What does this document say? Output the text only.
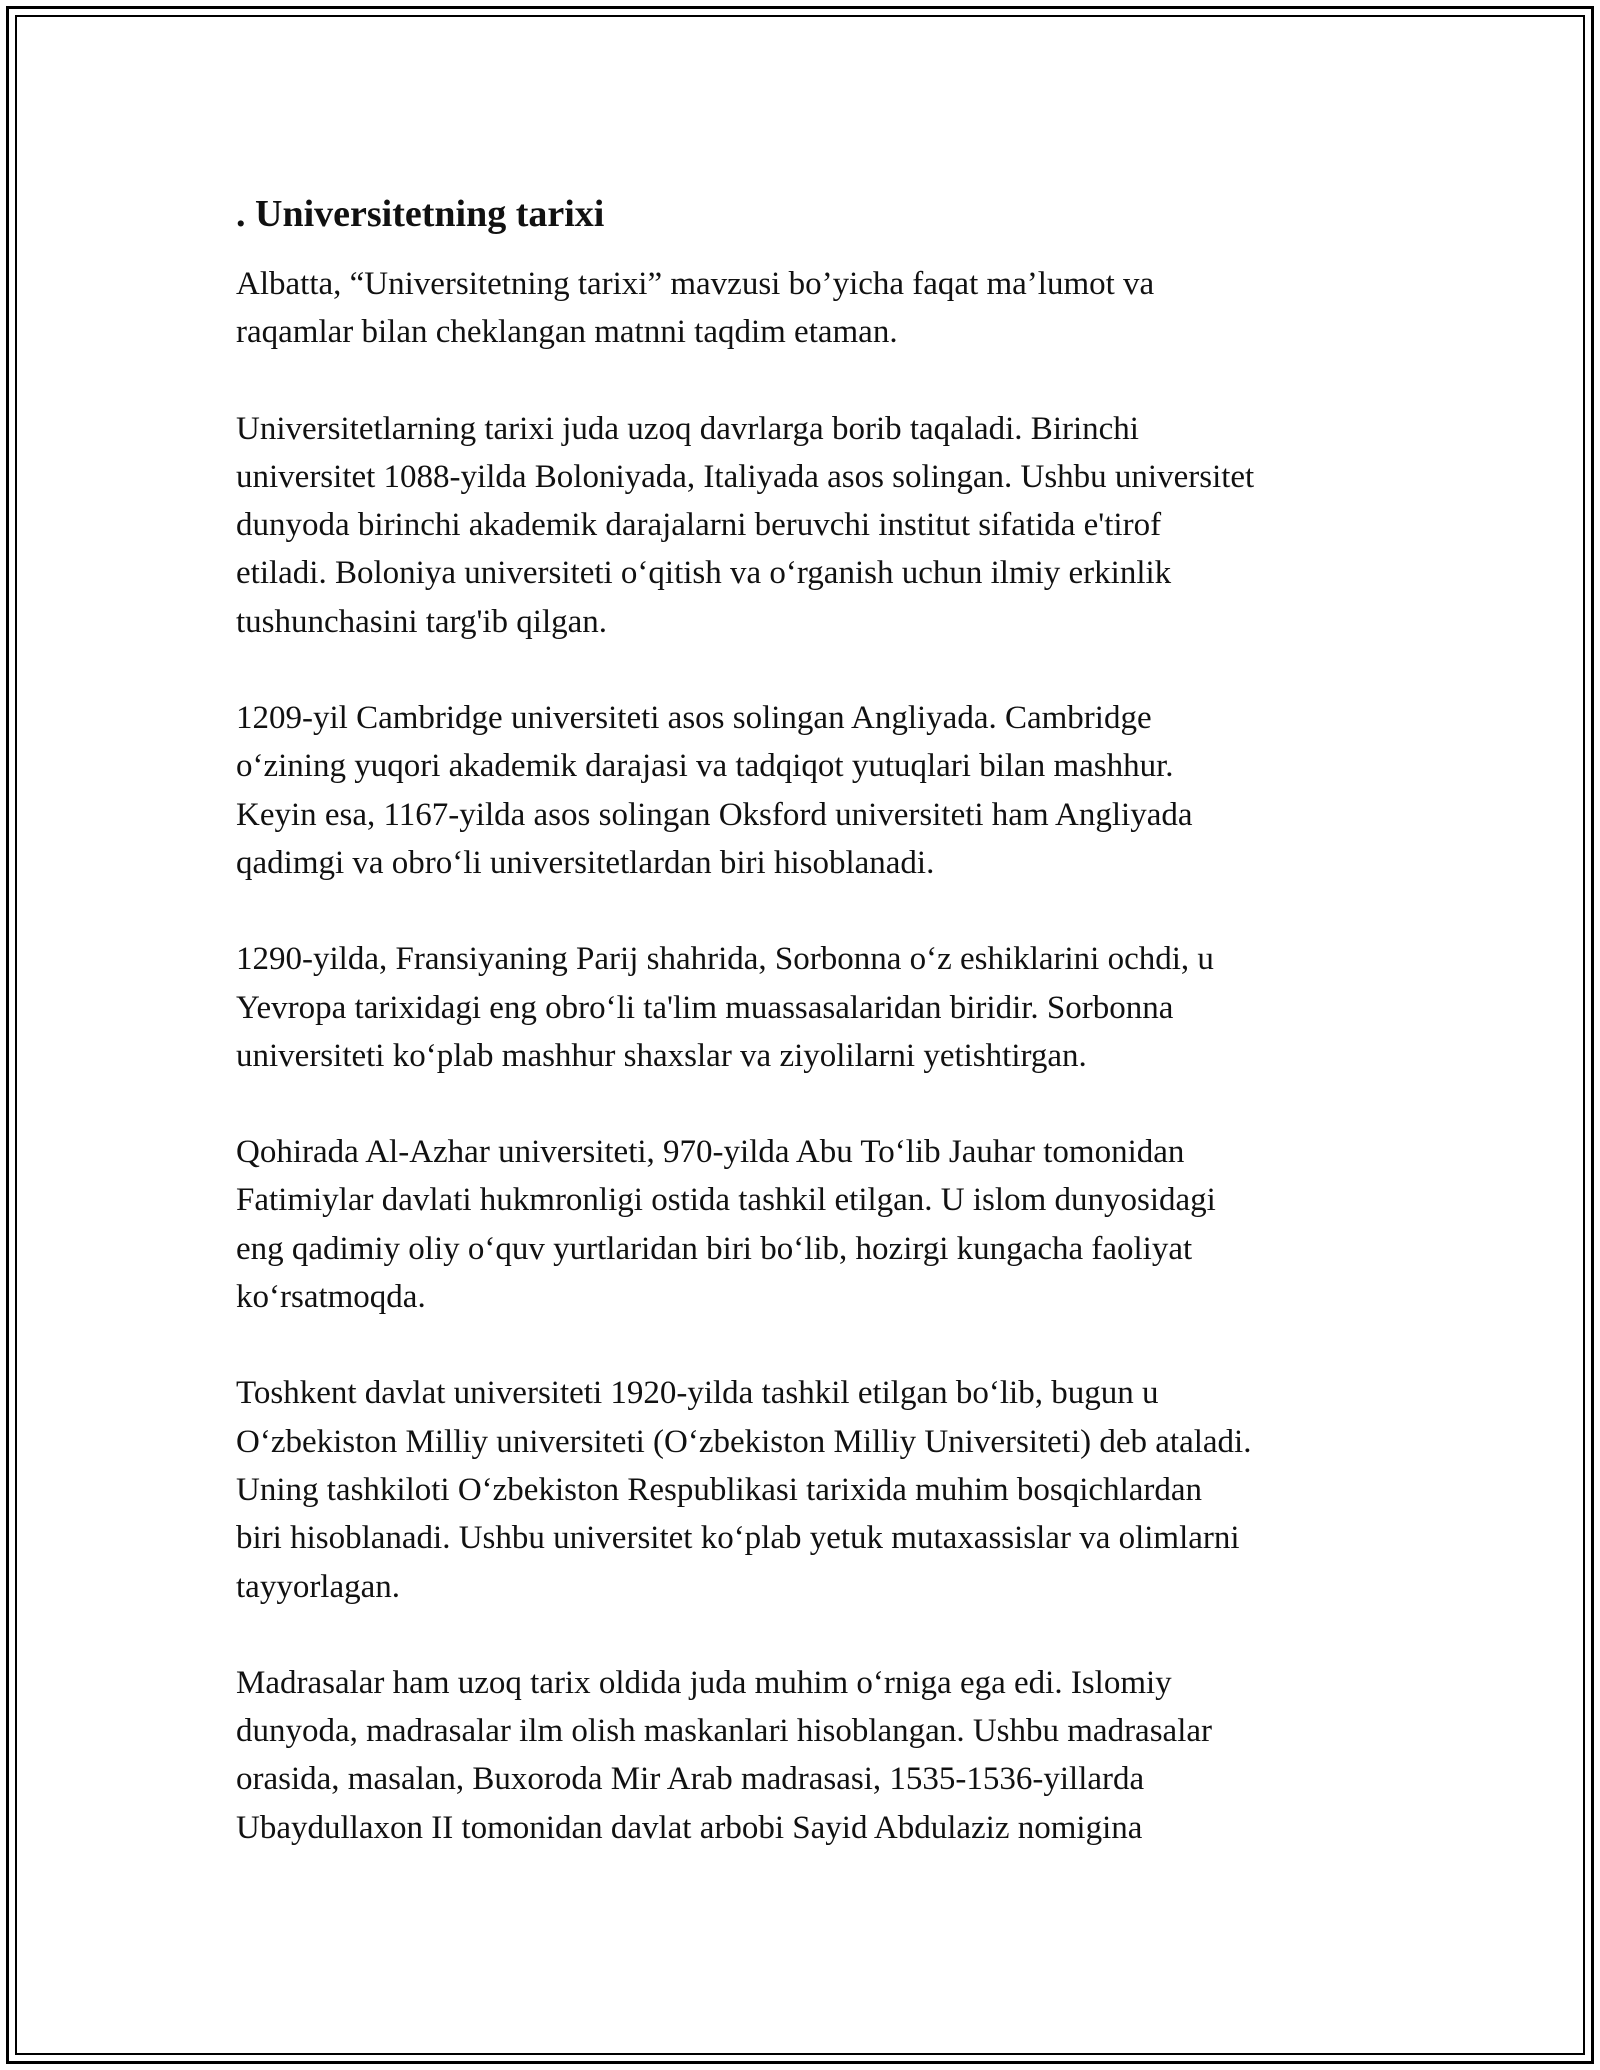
. Universitetning tarixi

Albatta, “Universitetning tarixi” mavzusi bo’yicha faqat ma’lumot va
raqamlar bilan cheklangan matnni taqdim etaman.

Universitetlarning tarixi juda uzoq davrlarga borib taqaladi. Birinchi
universitet 1088-yilda Boloniyada, Italiyada asos solingan. Ushbu universitet
dunyoda birinchi akademik darajalarni beruvchi institut sifatida e'tirof
etiladi. Boloniya universiteti oʻqitish va oʻrganish uchun ilmiy erkinlik
tushunchasini targ'ib qilgan.

1209-yil Cambridge universiteti asos solingan Angliyada. Cambridge
oʻzining yuqori akademik darajasi va tadqiqot yutuqlari bilan mashhur.
Keyin esa, 1167-yilda asos solingan Oksford universiteti ham Angliyada
qadimgi va obroʻli universitetlardan biri hisoblanadi.

1290-yilda, Fransiyaning Parij shahrida, Sorbonna oʻz eshiklarini ochdi, u
Yevropa tarixidagi eng obroʻli ta'lim muassasalaridan biridir. Sorbonna
universiteti koʻplab mashhur shaxslar va ziyolilarni yetishtirgan.

Qohirada Al-Azhar universiteti, 970-yilda Abu Toʻlib Jauhar tomonidan
Fatimiylar davlati hukmronligi ostida tashkil etilgan. U islom dunyosidagi
eng qadimiy oliy oʻquv yurtlaridan biri boʻlib, hozirgi kungacha faoliyat
koʻrsatmoqda.

Toshkent davlat universiteti 1920-yilda tashkil etilgan boʻlib, bugun u
Oʻzbekiston Milliy universiteti (Oʻzbekiston Milliy Universiteti) deb ataladi.
Uning tashkiloti Oʻzbekiston Respublikasi tarixida muhim bosqichlardan
biri hisoblanadi. Ushbu universitet koʻplab yetuk mutaxassislar va olimlarni
tayyorlagan.

Madrasalar ham uzoq tarix oldida juda muhim oʻrniga ega edi. Islomiy
dunyoda, madrasalar ilm olish maskanlari hisoblangan. Ushbu madrasalar
orasida, masalan, Buxoroda Mir Arab madrasasi, 1535-1536-yillarda
Ubaydullaxon II tomonidan davlat arbobi Sayid Abdulaziz nomigina
